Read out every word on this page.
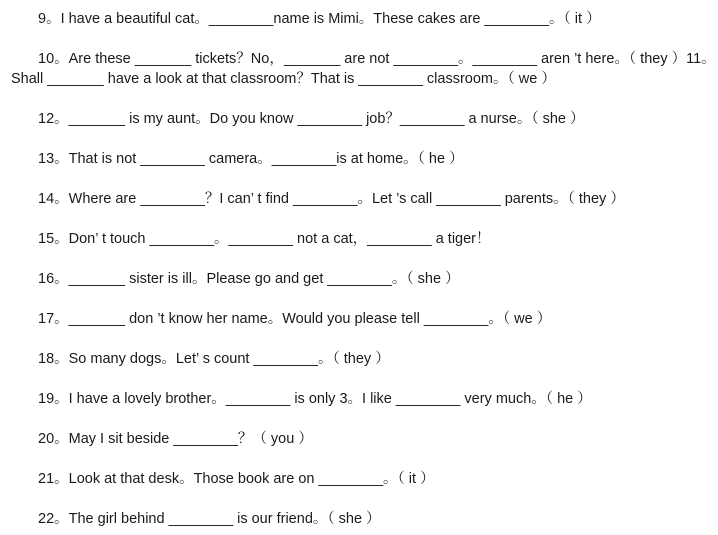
9。I have a beautiful cat。________name is Mimi。These cakes are ________。（ it ）
10。Are these _______ tickets？No，_______ are not ________。________ aren ’t here。（ they ）11。
Shall _______ have a look at that classroom？That is ________ classroom。（ we ）
12。_______ is my aunt。Do you know ________ job？________ a nurse。（ she ）
13。That is not ________ camera。________is at home。（ he ）
14。Where are ________？I can’ t find ________。Let ’s call ________ parents。（ they ）
15。Don’ t touch ________。________ not a cat，________ a tiger！
16。_______ sister is ill。Please go and get ________。（ she ）
17。_______ don ’t know her name。Would you please tell ________。（ we ）
18。So many dogs。Let’ s count ________。（ they ）
19。I have a lovely brother。________ is only 3。I like ________ very much。（ he ）
20。May I sit beside ________？（ you ）
21。Look at that desk。Those book are on ________。（ it ）
22。The girl behind ________ is our friend。（ she ）
